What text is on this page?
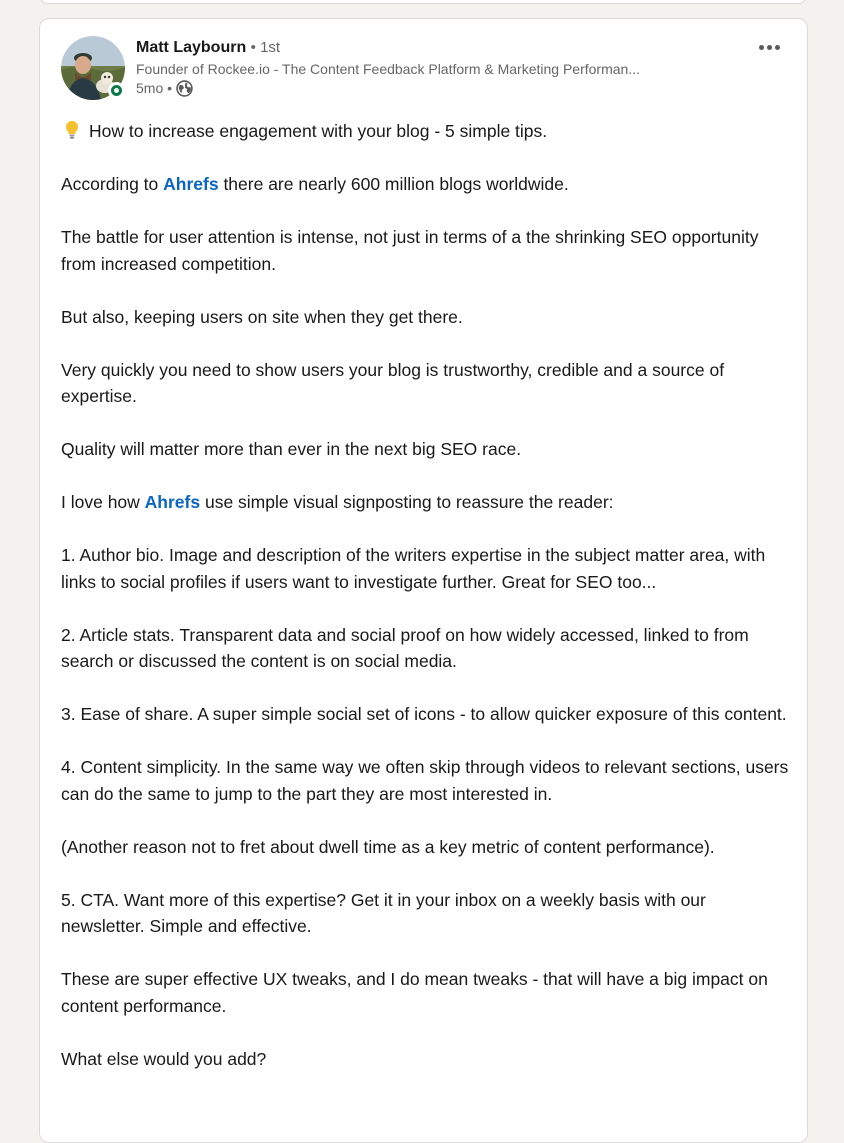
Matt Laybourn • 1st
Founder of Rockee.io - The Content Feedback Platform & Marketing Performan...
5mo •

How to increase engagement with your blog - 5 simple tips.

According to Ahrefs there are nearly 600 million blogs worldwide.

The battle for user attention is intense, not just in terms of a the shrinking SEO opportunity from increased competition.

But also, keeping users on site when they get there.

Very quickly you need to show users your blog is trustworthy, credible and a source of expertise.

Quality will matter more than ever in the next big SEO race.

I love how Ahrefs use simple visual signposting to reassure the reader:

1. Author bio. Image and description of the writers expertise in the subject matter area, with links to social profiles if users want to investigate further. Great for SEO too...

2. Article stats. Transparent data and social proof on how widely accessed, linked to from search or discussed the content is on social media.

3. Ease of share. A super simple social set of icons - to allow quicker exposure of this content.

4. Content simplicity. In the same way we often skip through videos to relevant sections, users can do the same to jump to the part they are most interested in.

(Another reason not to fret about dwell time as a key metric of content performance).

5. CTA. Want more of this expertise? Get it in your inbox on a weekly basis with our newsletter. Simple and effective.

These are super effective UX tweaks, and I do mean tweaks - that will have a big impact on content performance.

What else would you add?
